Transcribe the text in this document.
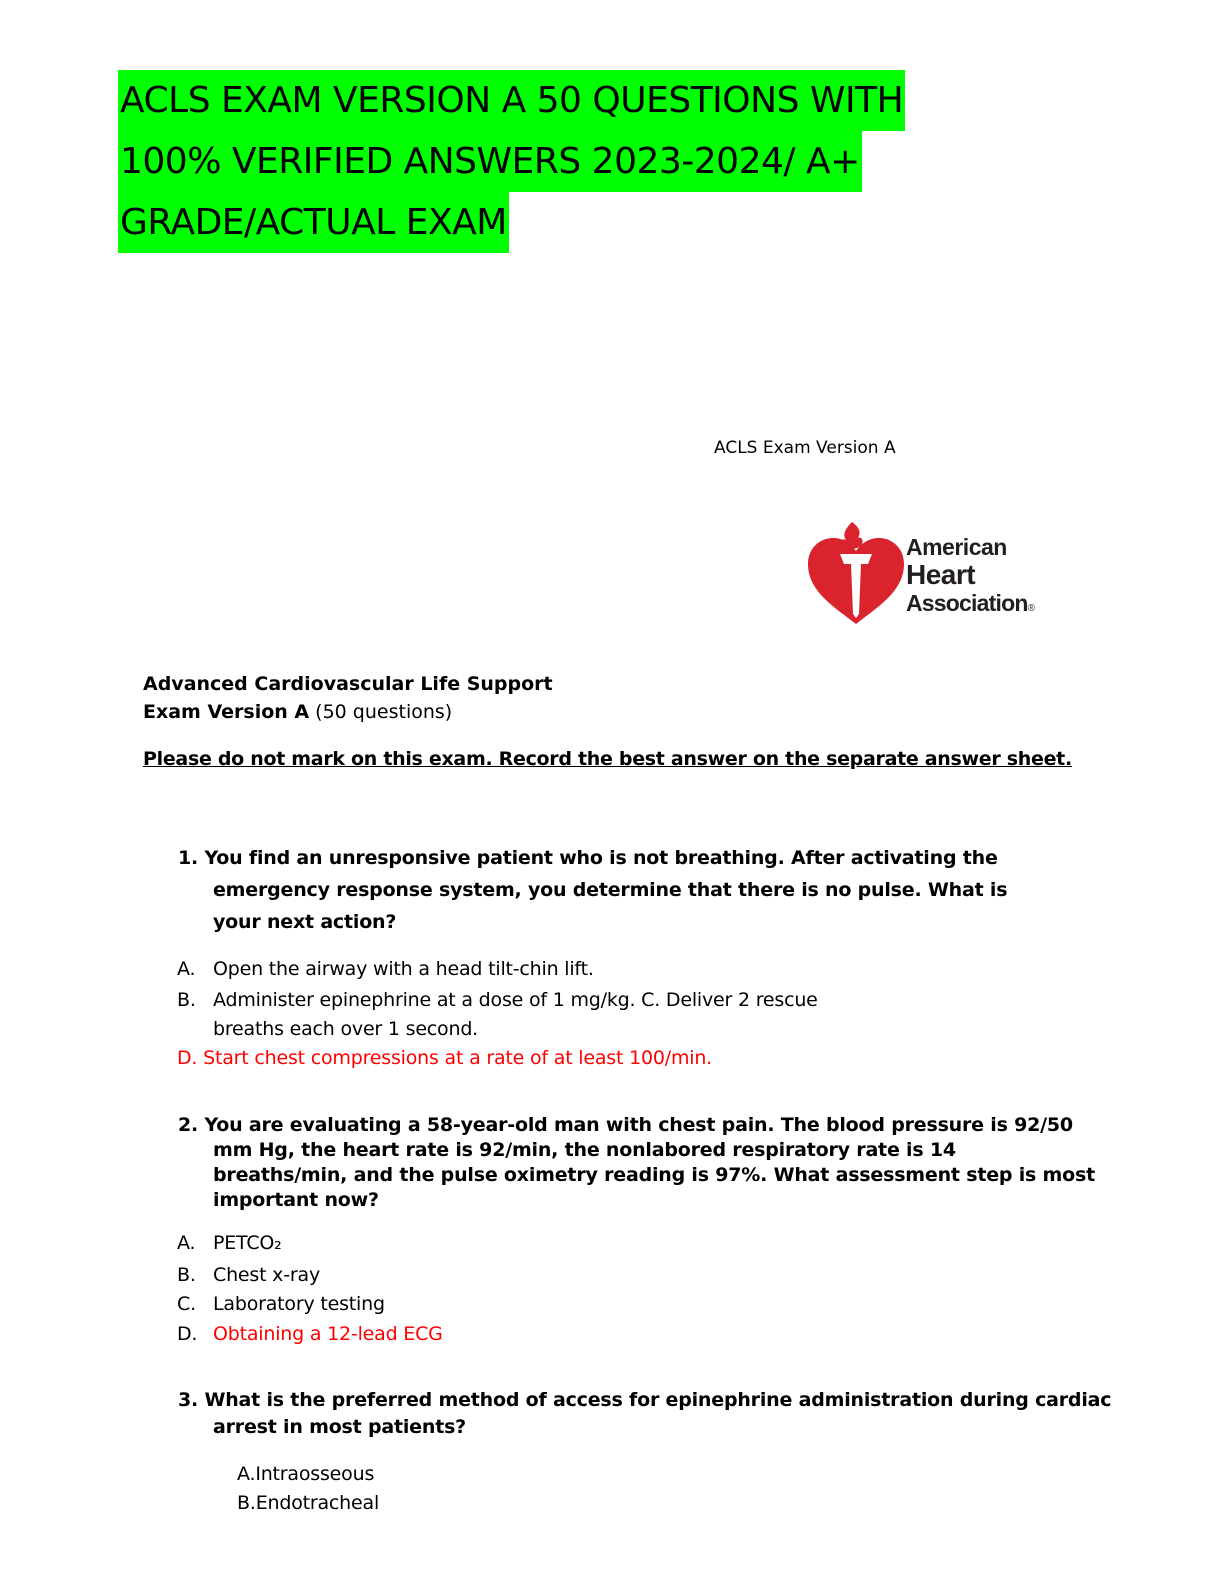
ACLS EXAM VERSION A 50 QUESTIONS WITH
100% VERIFIED ANSWERS 2023-2024/ A+
GRADE/ACTUAL EXAM
ACLS Exam Version A
American
Heart
Association®
Advanced Cardiovascular Life Support
Exam Version A (50 questions)
Please do not mark on this exam. Record the best answer on the separate answer sheet.
1. You find an unresponsive patient who is not breathing. After activating the
emergency response system, you determine that there is no pulse. What is
your next action?
A. Open the airway with a head tilt-chin lift.
B. Administer epinephrine at a dose of 1 mg/kg. C. Deliver 2 rescue
breaths each over 1 second.
D. Start chest compressions at a rate of at least 100/min.
2. You are evaluating a 58-year-old man with chest pain. The blood pressure is 92/50
mm Hg, the heart rate is 92/min, the nonlabored respiratory rate is 14
breaths/min, and the pulse oximetry reading is 97%. What assessment step is most
important now?
A. PETCO₂
B. Chest x-ray
C. Laboratory testing
D. Obtaining a 12-lead ECG
3. What is the preferred method of access for epinephrine administration during cardiac
arrest in most patients?
A.Intraosseous
B.Endotracheal
